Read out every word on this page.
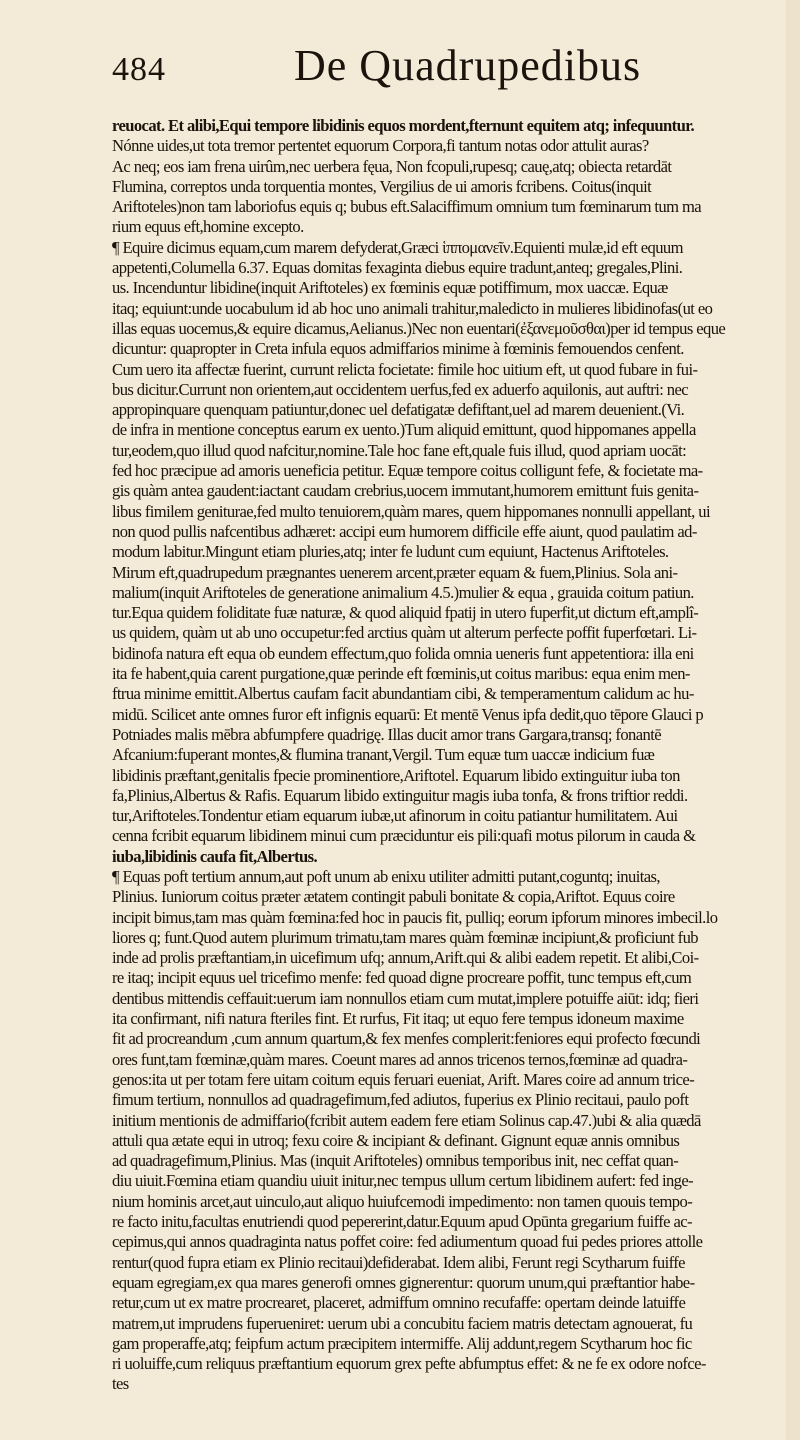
484	De Quadrupedibus
reuocat. Et alibi,Equi tempore libidinis equos mordent,fternunt equitem atq; infequuntur.
Nónne uides,ut tota tremor pertentet equorum Corpora,fi tantum notas odor attulit auras?
Ac neq; eos iam frena uirûm,nec uerbera fęua, Non fcopuli,rupesq; cauę,atq; obiecta retardāt
Flumina, correptos unda torquentia montes, Vergilius de ui amoris fcribens. Coitus(inquit
Ariftoteles)non tam laboriofus equis q; bubus eft.Salaciffimum omnium tum fœminarum tum ma
rium equus eft,homine excepto.
¶ Equire dicimus equam,cum marem defyderat,Græci ἱππομανεῖν.Equienti mulæ,id eft equum
appetenti,Columella 6.37. Equas domitas fexaginta diebus equire tradunt,anteq; gregales,Plini.
us. Incenduntur libidine(inquit Ariftoteles) ex fœminis equæ potiffimum, mox uaccæ. Equæ
itaq; equiunt:unde uocabulum id ab hoc uno animali trahitur,maledicto in mulieres libidinofas(ut eo
illas equas uocemus,& equire dicamus,Aelianus.)Nec non euentari(ἐξανεμοῦσθαι)per id tempus eque
dicuntur: quapropter in Creta infula equos admiffarios minime à fœminis femouendos cenfent.
Cum uero ita affectæ fuerint, currunt relicta focietate: fimile hoc uitium eft, ut quod fubare in fui-
bus dicitur.Currunt non orientem,aut occidentem uerfus,fed ex aduerfo aquilonis, aut auftri: nec
appropinquare quenquam patiuntur,donec uel defatigatæ defiftant,uel ad marem deuenient.(Vi.
de infra in mentione conceptus earum ex uento.)Tum aliquid emittunt, quod hippomanes appella
tur,eodem,quo illud quod nafcitur,nomine.Tale hoc fane eft,quale fuis illud, quod apriam uocāt:
fed hoc præcipue ad amoris ueneficia petitur. Equæ tempore coitus colligunt fefe, & focietate ma-
gis quàm antea gaudent:iactant caudam crebrius,uocem immutant,humorem emittunt fuis genita-
libus fimilem geniturae,fed multo tenuiorem,quàm mares, quem hippomanes nonnulli appellant, ui
non quod pullis nafcentibus adhæret: accipi eum humorem difficile effe aiunt, quod paulatim ad-
modum labitur.Mingunt etiam pluries,atq; inter fe ludunt cum equiunt, Hactenus Ariftoteles.
Mirum eft,quadrupedum prægnantes uenerem arcent,præter equam & fuem,Plinius. Sola ani-
malium(inquit Ariftoteles de generatione animalium 4.5.)mulier & equa , grauida coitum patiun.
tur.Equa quidem foliditate fuæ naturæ, & quod aliquid fpatij in utero fuperfit,ut dictum eft,amplî-
us quidem, quàm ut ab uno occupetur:fed arctius quàm ut alterum perfecte poffit fuperfœtari. Li-
bidinofa natura eft equa ob eundem effectum,quo folida omnia ueneris funt appetentiora: illa eni
ita fe habent,quia carent purgatione,quæ perinde eft fœminis,ut coitus maribus: equa enim men-
ftrua minime emittit.Albertus caufam facit abundantiam cibi, & temperamentum calidum ac hu-
midū. Scilicet ante omnes furor eft infignis equarū: Et mentē Venus ipfa dedit,quo tēpore Glauci p
Potniades malis mēbra abfumpfere quadrigę. Illas ducit amor trans Gargara,transq; fonantē
Afcanium:fuperant montes,& flumina tranant,Vergil. Tum equæ tum uaccæ indicium fuæ
libidinis præftant,genitalis fpecie prominentiore,Ariftotel. Equarum libido extinguitur iuba ton
fa,Plinius,Albertus & Rafis. Equarum libido extinguitur magis iuba tonfa, & frons triftior reddi.
tur,Ariftoteles.Tondentur etiam equarum iubæ,ut afinorum in coitu patiantur humilitatem. Aui
cenna fcribit equarum libidinem minui cum præciduntur eis pili:quafi motus pilorum in cauda &
iuba,libidinis caufa fit,Albertus.
¶ Equas poft tertium annum,aut poft unum ab enixu utiliter admitti putant,coguntq; inuitas,
Plinius. Iuniorum coitus præter ætatem contingit pabuli bonitate & copia,Ariftot. Equus coire
incipit bimus,tam mas quàm fœmina:fed hoc in paucis fit, pulliq; eorum ipforum minores imbecil.lo
liores q; funt.Quod autem plurimum trimatu,tam mares quàm fœminæ incipiunt,& proficiunt fub
inde ad prolis præftantiam,in uicefimum ufq; annum,Arift.qui & alibi eadem repetit. Et alibi,Coi-
re itaq; incipit equus uel tricefimo menfe: fed quoad digne procreare poffit, tunc tempus eft,cum
dentibus mittendis ceffauit:uerum iam nonnullos etiam cum mutat,implere potuiffe aiūt: idq; fieri
ita confirmant, nifi natura fteriles fint. Et rurfus, Fit itaq; ut equo fere tempus idoneum maxime
fit ad procreandum ,cum annum quartum,& fex menfes complerit:feniores equi profecto fœcundi
ores funt,tam fœminæ,quàm mares. Coeunt mares ad annos tricenos ternos,fœminæ ad quadra-
genos:ita ut per totam fere uitam coitum equis feruari eueniat, Arift. Mares coire ad annum trice-
fimum tertium, nonnullos ad quadragefimum,fed adiutos, fuperius ex Plinio recitaui, paulo poft
initium mentionis de admiffario(fcribit autem eadem fere etiam Solinus cap.47.)ubi & alia quædā
attuli qua ætate equi in utroq; fexu coire & incipiant & definant. Gignunt equæ annis omnibus
ad quadragefimum,Plinius. Mas (inquit Ariftoteles) omnibus temporibus init, nec ceffat quan-
diu uiuit.Fœmina etiam quandiu uiuit initur,nec tempus ullum certum libidinem aufert: fed inge-
nium hominis arcet,aut uinculo,aut aliquo huiufcemodi impedimento: non tamen quouis tempo-
re facto initu,facultas enutriendi quod pepererint,datur.Equum apud Opūnta gregarium fuiffe ac-
cepimus,qui annos quadraginta natus poffet coire: fed adiumentum quoad fui pedes priores attolle
rentur(quod fupra etiam ex Plinio recitaui)defiderabat. Idem alibi, Ferunt regi Scytharum fuiffe
equam egregiam,ex qua mares generofi omnes gignerentur: quorum unum,qui præftantior habe-
retur,cum ut ex matre procrearet, placeret, admiffum omnino recufaffe: opertam deinde latuiffe
matrem,ut imprudens fuperueniret: uerum ubi a concubitu faciem matris detectam agnouerat, fu
gam properaffe,atq; feipfum actum præcipitem intermiffe. Alij addunt,regem Scytharum hoc fic
ri uoluiffe,cum reliquus præftantium equorum grex pefte abfumptus effet: & ne fe ex odore nofce-
tes
